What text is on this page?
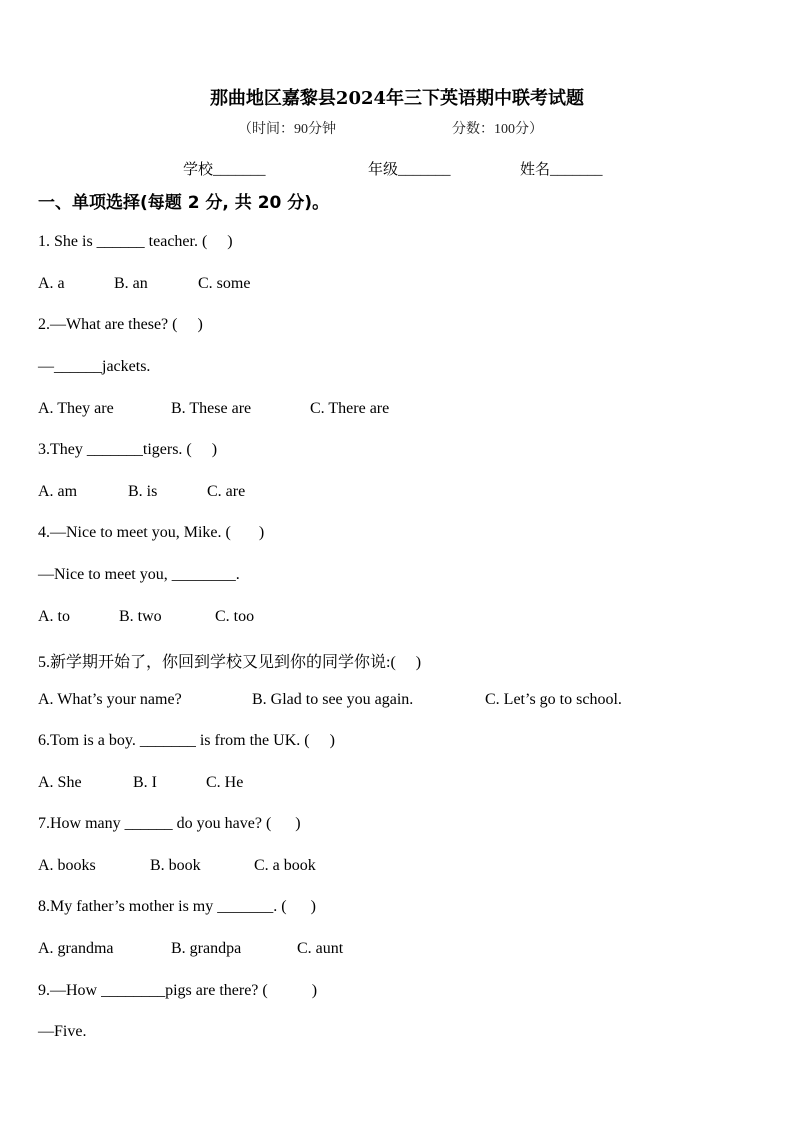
那曲地区嘉黎县2024年三下英语期中联考试题
（时间：90分钟	分数：100分）
学校_______	年级_______	姓名_______
一、单项选择(每题 2 分, 共 20 分)。
1. She is ______ teacher. (     )
A. a	B. an	C. some
2.—What are these? (     )
—______jackets.
A. They are	B. These are	C. There are
3.They _______tigers. (     )
A. am	B. is	C. are
4.—Nice to meet you, Mike. (       )
—Nice to meet you, ________.
A. to	B. two	C. too
5.新学期开始了，你回到学校又见到你的同学你说:(     )
A. What’s your name?	B. Glad to see you again.	C. Let’s go to school.
6.Tom is a boy. _______ is from the UK. (     )
A. She	B. I	C. He
7.How many ______ do you have? (      )
A. books	B. book	C. a book
8.My father’s mother is my _______. (      )
A. grandma	B. grandpa	C. aunt
9.—How ________pigs are there? (           )
—Five.
